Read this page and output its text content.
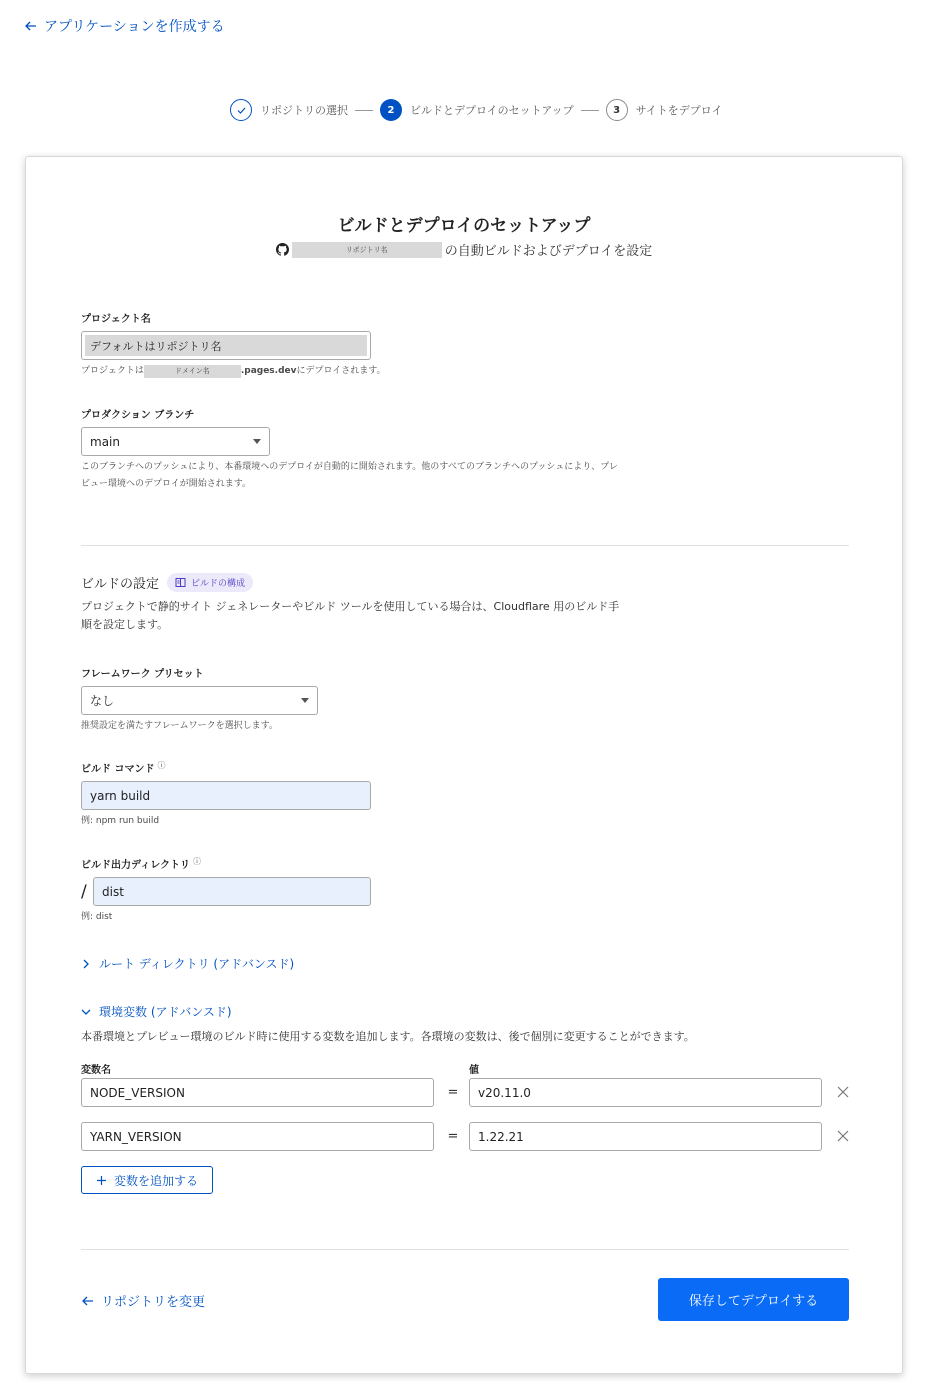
アプリケーションを作成する
リポジトリの選択	2	ビルドとデプロイのセットアップ	3	サイトをデプロイ
ビルドとデプロイのセットアップ
リポジトリ名	の自動ビルドおよびデプロイを設定
プロジェクト名
デフォルトはリポジトリ名
プロジェクトは	ドメイン名	.pages.dev にデプロイされます。
プロダクション ブランチ
main
このブランチへのプッシュにより、本番環境へのデプロイが自動的に開始されます。他のすべてのブランチへのプッシュにより、プレビュー環境へのデプロイが開始されます。
ビルドの設定	ビルドの構成
プロジェクトで静的サイト ジェネレーターやビルド ツールを使用している場合は、Cloudflare 用のビルド手順を設定します。
フレームワーク プリセット
なし
推奨設定を満たすフレームワークを選択します。
ビルド コマンド ⓘ
yarn build
例: npm run build
ビルド出力ディレクトリ ⓘ
/	dist
例: dist
ルート ディレクトリ (アドバンスド)
環境変数 (アドバンスド)
本番環境とプレビュー環境のビルド時に使用する変数を追加します。各環境の変数は、後で個別に変更することができます。
変数名	値
NODE_VERSION	=	v20.11.0
YARN_VERSION	=	1.22.21
変数を追加する
リポジトリを変更	保存してデプロイする
